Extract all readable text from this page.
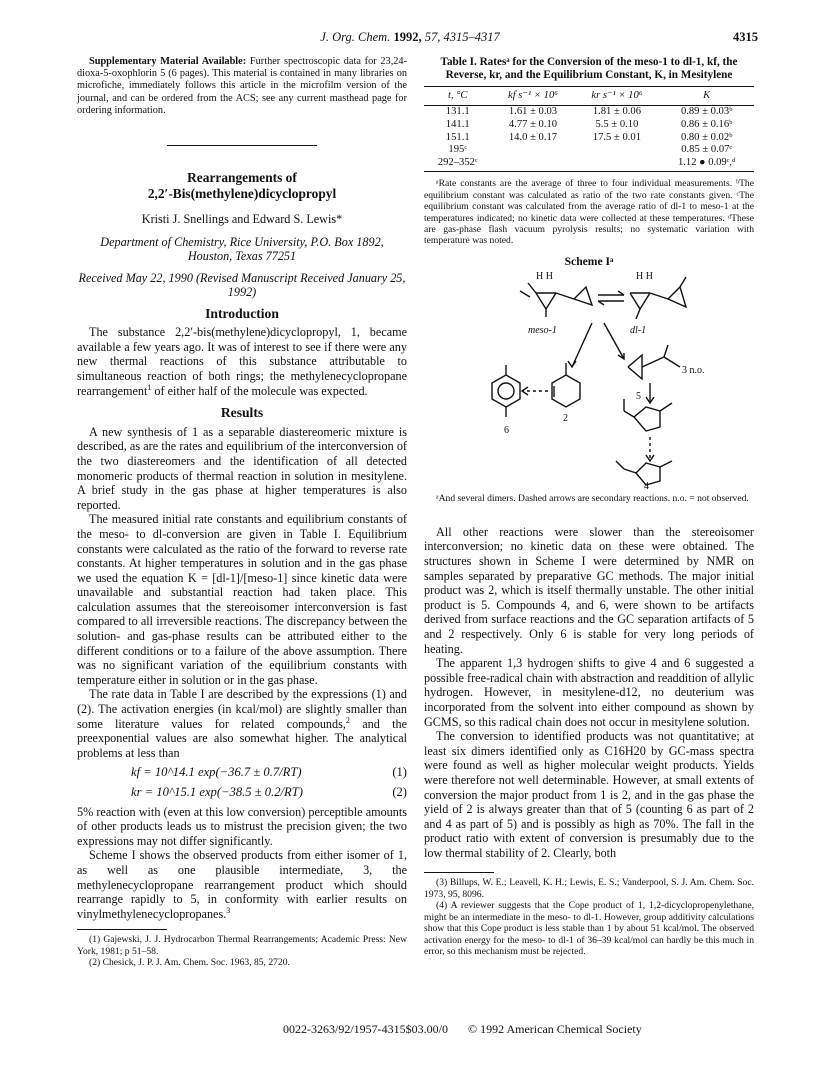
J. Org. Chem. 1992, 57, 4315–4317	4315

Supplementary Material Available: Further spectroscopic data for 23,24-dioxa-5-oxophlorin 5 (6 pages). This material is contained in many libraries on microfiche, immediately follows this article in the microfilm version of the journal, and can be ordered from the ACS; see any current masthead page for ordering information.

Rearrangements of
2,2′-Bis(methylene)dicyclopropyl
Kristi J. Snellings and Edward S. Lewis*
Department of Chemistry, Rice University, P.O. Box 1892, Houston, Texas 77251
Received May 22, 1990 (Revised Manuscript Received January 25, 1992)
Introduction

The substance 2,2′-bis(methylene)dicyclopropyl, 1, became available a few years ago. It was of interest to see if there were any new thermal reactions of this substance attributable to simultaneous reaction of both rings; the methylenecyclopropane rearrangement$^1$ of either half of the molecule was expected.

Results

A new synthesis of 1 as a separable diastereomeric mixture is described, as are the rates and equilibrium of the interconversion of the two diastereomers and the identification of all detected monomeric products of thermal reaction in solution in mesitylene. A brief study in the gas phase at higher temperatures is also reported.

The measured initial rate constants and equilibrium constants of the meso- to dl-conversion are given in Table I. Equilibrium constants were calculated as the ratio of the forward to reverse rate constants. At higher temperatures in solution and in the gas phase we used the equation K = [dl-1]/[meso-1] since kinetic data were unavailable and substantial reaction had taken place. This calculation assumes that the stereoisomer interconversion is fast compared to all irreversible reactions. The discrepancy between the solution- and gas-phase results can be attributed either to the different conditions or to a failure of the above assumption. There was no significant variation of the equilibrium constants with temperature either in solution or in the gas phase.

The rate data in Table I are described by the expressions (1) and (2). The activation energies (in kcal/mol) are slightly smaller than some literature values for related compounds,$^2$ and the preexponential values are also somewhat higher. The analytical problems at less than

kf = 10^14.1 exp(−36.7 ± 0.7/RT)	(1)
kr = 10^15.1 exp(−38.5 ± 0.2/RT)	(2)

5% reaction with (even at this low conversion) perceptible amounts of other products leads us to mistrust the precision given; the two expressions may not differ significantly.

Scheme I shows the observed products from either isomer of 1, as well as one plausible intermediate, 3, the methylenecyclopropane rearrangement product which should rearrange rapidly to 5, in conformity with earlier results on vinylmethylenecyclopropanes.$^3$

(1) Gajewski, J. J. Hydrocarbon Thermal Rearrangements; Academic Press: New York, 1981; p 51–58.

(2) Chesick, J. P. J. Am. Chem. Soc. 1963, 85, 2720.

Table I. Ratesᵃ for the Conversion of the meso-1 to dl-1, kf, the Reverse, kr, and the Equilibrium Constant, K, in Mesitylene
t, °C	kf s⁻¹ × 10⁶	kr s⁻¹ × 10⁶	K
131.1	1.61 ± 0.03	1.81 ± 0.06	0.89 ± 0.03ᵇ
141.1	4.77 ± 0.10	5.5 ± 0.10	0.86 ± 0.16ᵇ
151.1	14.0 ± 0.17	17.5 ± 0.01	0.80 ± 0.02ᵇ
195ᶜ			0.85 ± 0.07ᶜ
292–352ᶜ			1.12 ● 0.09ᶜ,ᵈ

ᵃRate constants are the average of three to four individual measurements. ᵇThe equilibrium constant was calculated as ratio of the two rate constants given. ᶜThe equilibrium constant was calculated from the average ratio of dl-1 to meso-1 at the temperatures indicated; no kinetic data were collected at these temperatures. ᵈThese are gas-phase flash vacuum pyrolysis results; no systematic variation with temperature was noted.

Scheme Iᵃ
H H	H H
meso-1	dl-1
3 n.o.
6
2
5
4

ᵃAnd several dimers. Dashed arrows are secondary reactions. n.o. = not observed.

All other reactions were slower than the stereoisomer interconversion; no kinetic data on these were obtained. The structures shown in Scheme I were determined by NMR on samples separated by preparative GC methods. The major initial product was 2, which is itself thermally unstable. The other initial product is 5. Compounds 4, and 6, were shown to be artifacts derived from surface reactions and the GC separation artifacts of 5 and 2 respectively. Only 6 is stable for very long periods of heating.

The apparent 1,3 hydrogen shifts to give 4 and 6 suggested a possible free-radical chain with abstraction and readdition of allylic hydrogen. However, in mesitylene-d12, no deuterium was incorporated from the solvent into either compound as shown by GCMS, so this radical chain does not occur in mesitylene solution.

The conversion to identified products was not quantitative; at least six dimers identified only as C16H20 by GC-mass spectra were found as well as higher molecular weight products. Yields were therefore not well determinable. However, at small extents of conversion the major product from 1 is 2, and in the gas phase the yield of 2 is always greater than that of 5 (counting 6 as part of 2 and 4 as part of 5) and is possibly as high as 70%. The fall in the product ratio with extent of conversion is presumably due to the low thermal stability of 2. Clearly, both

(3) Billups, W. E.; Leavell, K. H.; Lewis, E. S.; Vanderpool, S. J. Am. Chem. Soc. 1973, 95, 8096.

(4) A reviewer suggests that the Cope product of 1, 1,2-dicyclopropenylethane, might be an intermediate in the meso- to dl-1. However, group additivity calculations show that this Cope product is less stable than 1 by about 51 kcal/mol. The observed activation energy for the meso- to dl-1 of 36–39 kcal/mol can hardly be this much in error, so this mechanism must be rejected.

0022-3263/92/1957-4315$03.00/0 © 1992 American Chemical Society
